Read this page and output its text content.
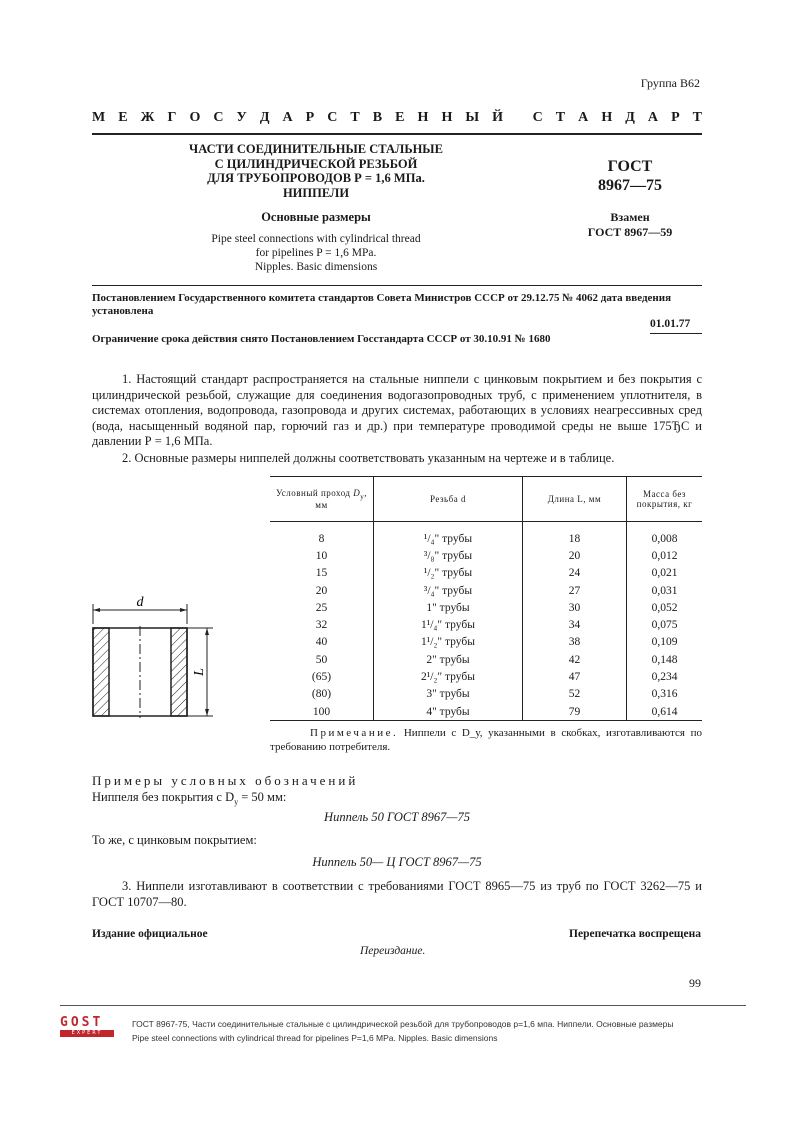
Группа В62
М Е Ж Г О С У Д А Р С Т В Е Н Н Ы Й
С Т А Н Д А Р Т
ЧАСТИ СОЕДИНИТЕЛЬНЫЕ СТАЛЬНЫЕ
С ЦИЛИНДРИЧЕСКОЙ РЕЗЬБОЙ
ДЛЯ ТРУБОПРОВОДОВ Р = 1,6 МПа.
НИППЕЛИ
ГОСТ
8967—75
Основные размеры	Взамен
ГОСТ 8967—59
Pipe steel connections with cylindrical thread
for pipelines P = 1,6 MPa.
Nipples. Basic dimensions
Постановлением Государственного комитета стандартов Совета Министров СССР от 29.12.75 № 4062 дата введения установлена
01.01.77
Ограничение срока действия снято Постановлением Госстандарта СССР от 30.10.91 № 1680
1. Настоящий стандарт распространяется на стальные ниппели с цинковым покрытием и без покрытия с цилиндрической резьбой, служащие для соединения водогазопроводных труб, с применением уплотнителя, в системах отопления, водопровода, газопровода и других системах, работающих в условиях неагрессивных сред (вода, насыщенный водяной пар, горючий газ и др.) при температуре проводимой среды не выше 175ЂС и давлении Р = 1,6 МПа.
2. Основные размеры ниппелей должны соответствовать указанным на чертеже и в таблице.
d
L
Условный проход $D_у$, мм	Резьба d	Длина L, мм	Масса без покрытия, кг
8	¹/₄" трубы	18	0,008
10	³/₈" трубы	20	0,012
15	¹/₂" трубы	24	0,021
20	³/₄" трубы	27	0,031
25	1" трубы	30	0,052
32	1¹/₄" трубы	34	0,075
40	1¹/₂" трубы	38	0,109
50	2" трубы	42	0,148
(65)	2¹/₂" трубы	47	0,234
(80)	3" трубы	52	0,316
100	4" трубы	79	0,614
Примечание. Ниппели с D_у, указанными в скобках, изготавливаются по требованию потребителя.
Примеры условных обозначений
Ниппеля без покрытия с $D_у = 50$ мм:
Ниппель 50 ГОСТ 8967—75
То же, с цинковым покрытием:
Ниппель 50— Ц ГОСТ 8967—75
3. Ниппели изготавливают в соответствии с требованиями ГОСТ 8965—75 из труб по ГОСТ 3262—75 и ГОСТ 10707—80.
Издание официальное	Перепечатка воспрещена
Переиздание.
99
GOST
EXPERT
ГОСТ 8967-75, Части соединительные стальные с цилиндрической резьбой для трубопроводов р=1,6 мпа. Ниппели. Основные размеры
Pipe steel connections with cylindrical thread for pipelines P=1,6 MPa. Nipples. Basic dimensions
